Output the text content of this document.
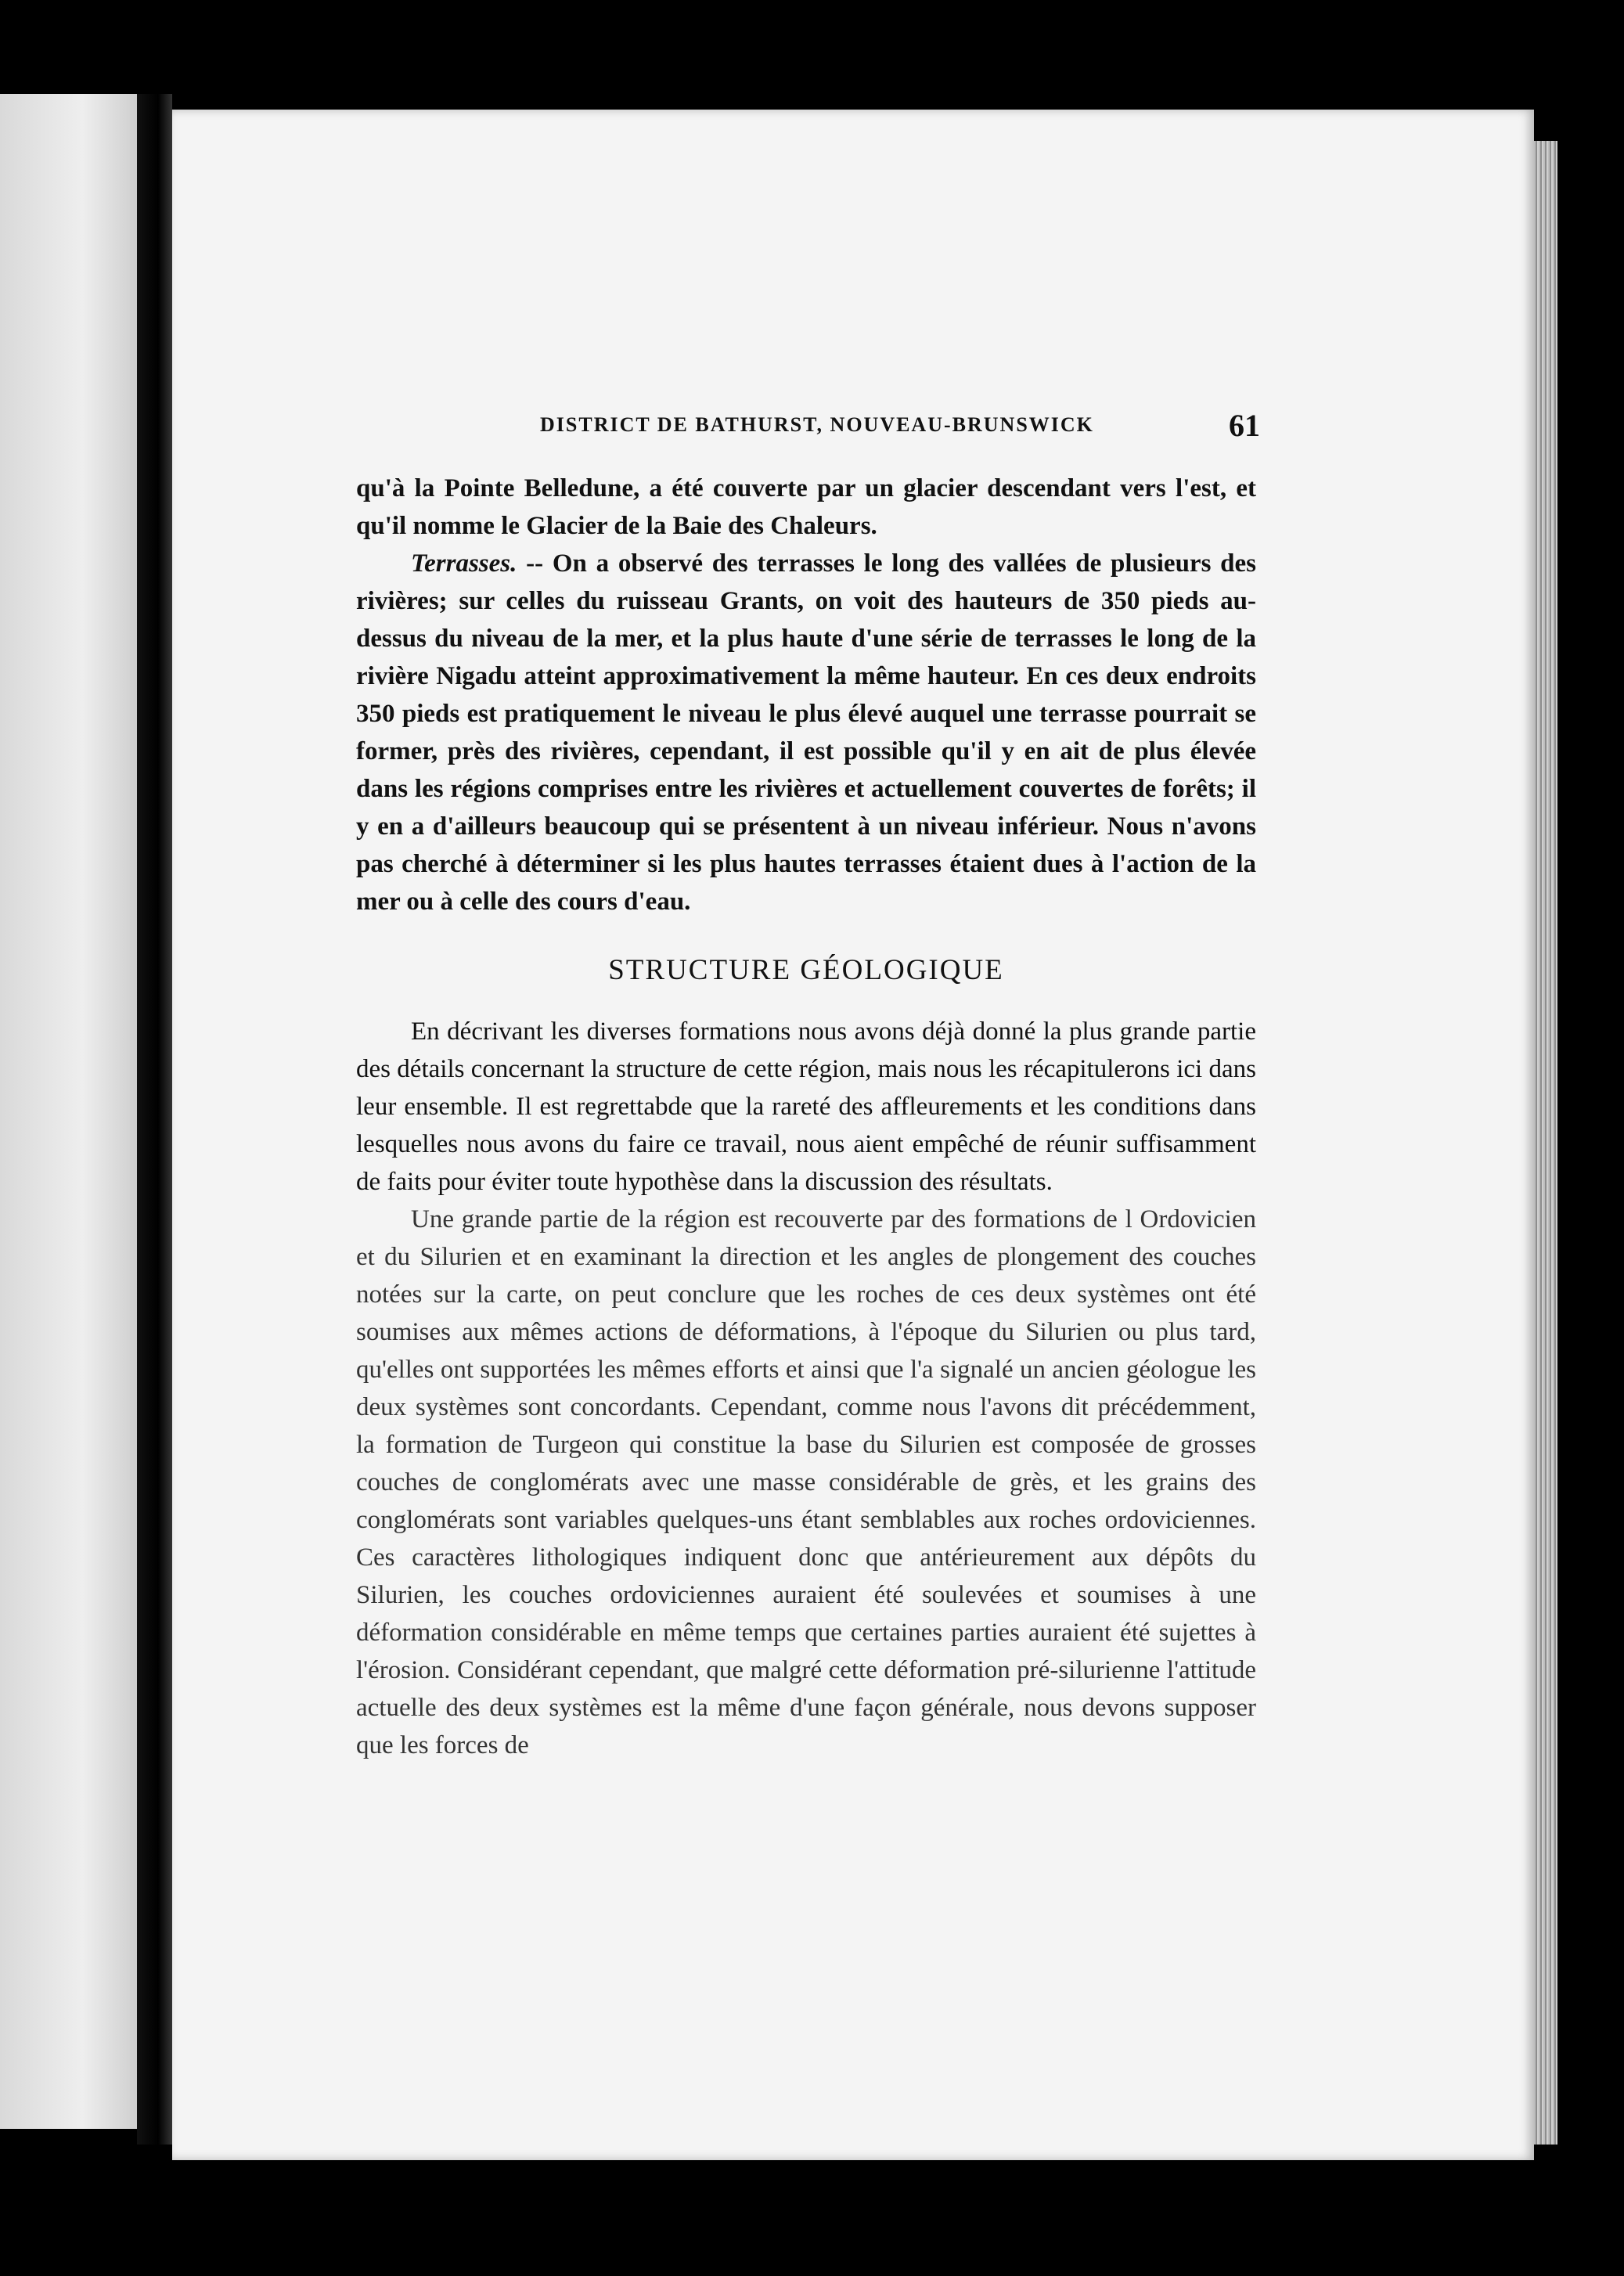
DISTRICT DE BATHURST, NOUVEAU-BRUNSWICK	61

qu'à la Pointe Belledune, a été couverte par un glacier descendant vers l'est, et qu'il nomme le Glacier de la Baie des Chaleurs.

Terrasses. -- On a observé des terrasses le long des vallées de plusieurs des rivières; sur celles du ruisseau Grants, on voit des hauteurs de 350 pieds au-dessus du niveau de la mer, et la plus haute d'une série de terrasses le long de la rivière Nigadu atteint approximativement la même hauteur. En ces deux endroits 350 pieds est pratiquement le niveau le plus élevé auquel une terrasse pourrait se former, près des rivières, cependant, il est possible qu'il y en ait de plus élevée dans les régions comprises entre les rivières et actuellement couvertes de forêts; il y en a d'ailleurs beaucoup qui se présentent à un niveau inférieur. Nous n'avons pas cherché à déterminer si les plus hautes terrasses étaient dues à l'action de la mer ou à celle des cours d'eau.

STRUCTURE GÉOLOGIQUE

En décrivant les diverses formations nous avons déjà donné la plus grande partie des détails concernant la structure de cette région, mais nous les récapitulerons ici dans leur ensemble. Il est regrettabde que la rareté des affleurements et les conditions dans lesquelles nous avons du faire ce travail, nous aient empêché de réunir suffisamment de faits pour éviter toute hypothèse dans la discussion des résultats.

Une grande partie de la région est recouverte par des formations de l Ordovicien et du Silurien et en examinant la direction et les angles de plongement des couches notées sur la carte, on peut conclure que les roches de ces deux systèmes ont été soumises aux mêmes actions de déformations, à l'époque du Silurien ou plus tard, qu'elles ont supportées les mêmes efforts et ainsi que l'a signalé un ancien géologue les deux systèmes sont concordants. Cependant, comme nous l'avons dit précédemment, la formation de Turgeon qui constitue la base du Silurien est composée de grosses couches de conglomérats avec une masse considérable de grès, et les grains des conglomérats sont variables quelques-uns étant semblables aux roches ordoviciennes. Ces caractères lithologiques indiquent donc que antérieurement aux dépôts du Silurien, les couches ordoviciennes auraient été soulevées et soumises à une déformation considérable en même temps que certaines parties auraient été sujettes à l'érosion. Considérant cependant, que malgré cette déformation pré-silurienne l'attitude actuelle des deux systèmes est la même d'une façon générale, nous devons supposer que les forces de
